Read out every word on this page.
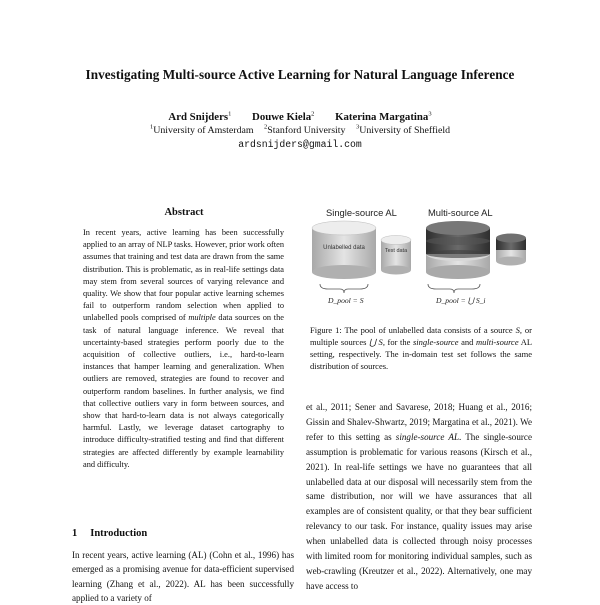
Investigating Multi-source Active Learning for Natural Language Inference
Ard Snijders$^1$ Douwe Kiela$^2$ Katerina Margatina$^3$
$^1$University of Amsterdam $^2$Stanford University $^3$University of Sheffield
ardsnijders@gmail.com
Abstract
In recent years, active learning has been successfully applied to an array of NLP tasks. However, prior work often assumes that training and test data are drawn from the same distribution. This is problematic, as in real-life settings data may stem from several sources of varying relevance and quality. We show that four popular active learning schemes fail to outperform random selection when applied to unlabelled pools comprised of multiple data sources on the task of natural language inference. We reveal that uncertainty-based strategies perform poorly due to the acquisition of collective outliers, i.e., hard-to-learn instances that hamper learning and generalization. When outliers are removed, strategies are found to recover and outperform random baselines. In further analysis, we find that collective outliers vary in form between sources, and show that hard-to-learn data is not always categorically harmful. Lastly, we leverage dataset cartography to introduce difficulty-stratified testing and find that different strategies are affected differently by example learnability and difficulty.
1 Introduction
In recent years, active learning (AL) (Cohn et al., 1996) has emerged as a promising avenue for data-efficient supervised learning (Zhang et al., 2022). AL has been successfully applied to a variety of
Single-source AL	Multi-source AL
Unlabelled data	Test data
D_pool = S	D_pool = ⋃ S_i
Figure 1: The pool of unlabelled data consists of a source S, or multiple sources ⋃ S, for the single-source and multi-source AL setting, respectively. The in-domain test set follows the same distribution of sources.
et al., 2011; Sener and Savarese, 2018; Huang et al., 2016; Gissin and Shalev-Shwartz, 2019; Margatina et al., 2021). We refer to this setting as single-source AL. The single-source assumption is problematic for various reasons (Kirsch et al., 2021). In real-life settings we have no guarantees that all unlabelled data at our disposal will necessarily stem from the same distribution, nor will we have assurances that all examples are of consistent quality, or that they bear sufficient relevancy to our task. For instance, quality issues may arise when unlabelled data is collected through noisy processes with limited room for monitoring individual samples, such as web-crawling (Kreutzer et al., 2022). Alternatively, one may have access to
